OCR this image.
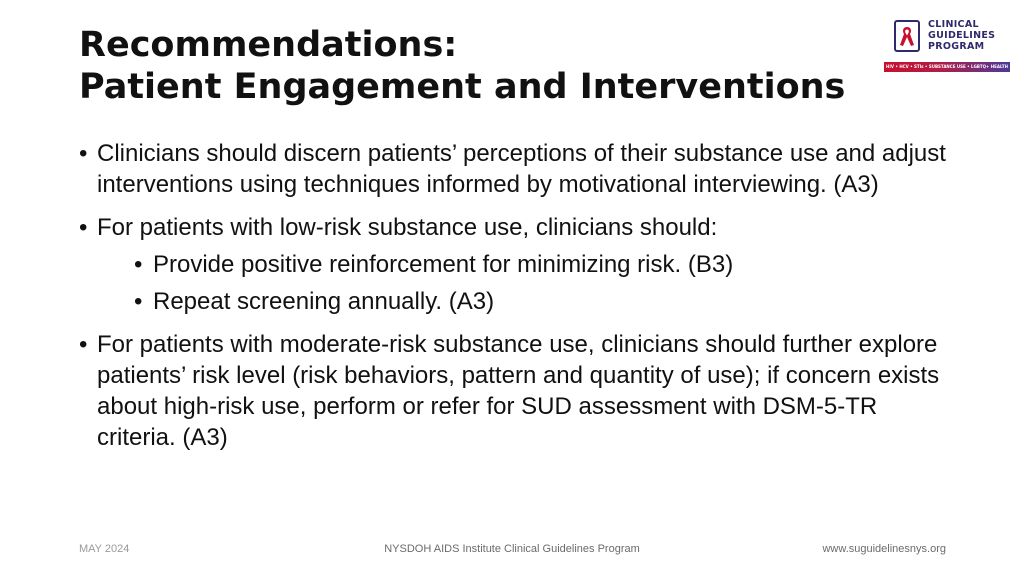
Recommendations:
Patient Engagement and Interventions
CLINICAL
GUIDELINES
PROGRAM
HIV • HCV • STIs • SUBSTANCE USE • LGBTQ+ HEALTH
• Clinicians should discern patients’ perceptions of their substance use and adjust interventions using techniques informed by motivational interviewing. (A3)
• For patients with low-risk substance use, clinicians should:
• Provide positive reinforcement for minimizing risk. (B3)
• Repeat screening annually. (A3)
• For patients with moderate-risk substance use, clinicians should further explore patients’ risk level (risk behaviors, pattern and quantity of use); if concern exists about high-risk use, perform or refer for SUD assessment with DSM-5-TR criteria. (A3)
MAY 2024	NYSDOH AIDS Institute Clinical Guidelines Program	www.suguidelinesnys.org
